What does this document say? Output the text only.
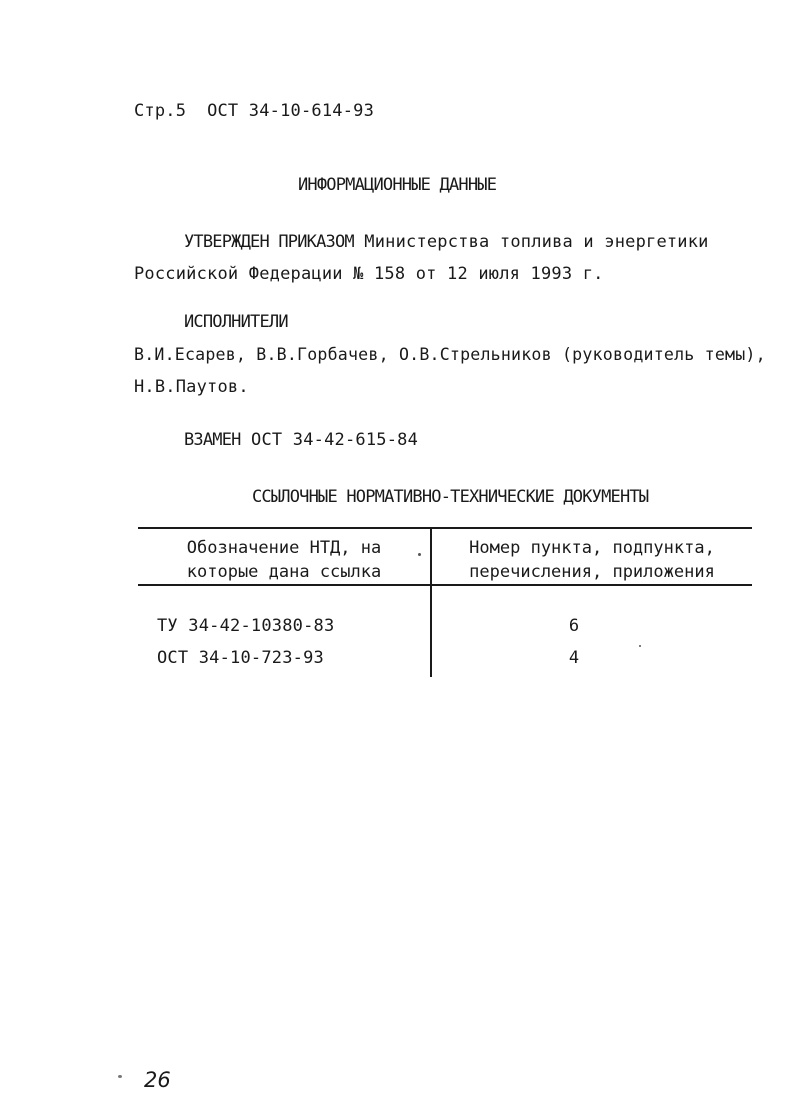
Стр.5 ОСТ 34-10-614-93
ИНФОРМАЦИОННЫЕ ДАННЫЕ
УТВЕРЖДЕН ПРИКАЗОМ Министерства топлива и энергетики
Российской Федерации № 158 от 12 июля 1993 г.
ИСПОЛНИТЕЛИ
В.И.Есарев, В.В.Горбачев, О.В.Стрельников (руководитель темы),
Н.В.Паутов.
ВЗАМЕН ОСТ 34-42-615-84
ССЫЛОЧНЫЕ НОРМАТИВНО-ТЕХНИЧЕСКИЕ ДОКУМЕНТЫ
Обозначение НТД, на
которые дана ссылка
Номер пункта, подпункта,
перечисления, приложения
ТУ 34-42-10380-83	6
ОСТ 34-10-723-93	4
26
